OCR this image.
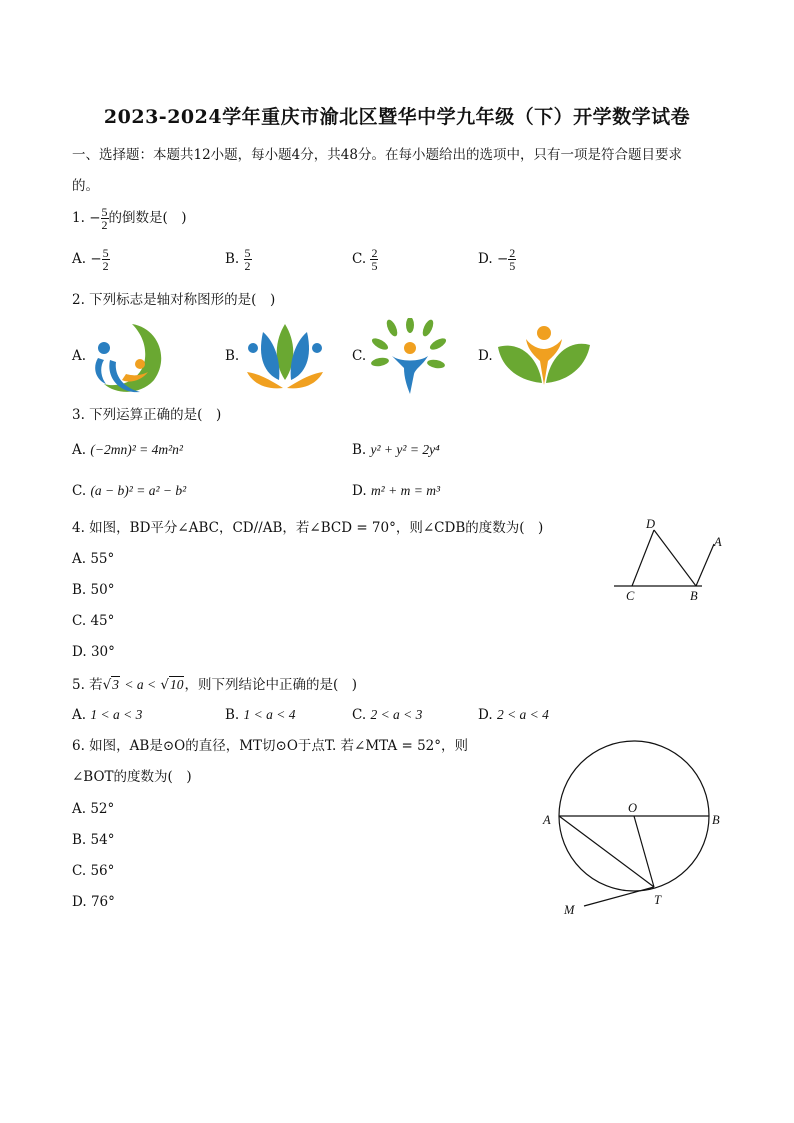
2023-2024学年重庆市渝北区暨华中学九年级（下）开学数学试卷
一、选择题：本题共12小题，每小题4分，共48分。在每小题给出的选项中，只有一项是符合题目要求
的。
1. − $\frac{5}{2}$ 的倒数是(　)
A. − $\frac{5}{2}$	B. $\frac{5}{2}$	C. $\frac{2}{5}$	D. − $\frac{2}{5}$
2. 下列标志是轴对称图形的是(　)
A.	B.	C.	D.
3. 下列运算正确的是(　)
A. (−2mn)² = 4m²n²	B. y² + y² = 2y⁴
C. (a − b)² = a² − b²	D. m² + m = m³
4. 如图，BD平分∠ABC，CD//AB，若∠BCD = 70°，则∠CDB的度数为(　)
A. 55°
B. 50°
C. 45°
D. 30°
D
A
C	B
5. 若√3 < a < √10，则下列结论中正确的是(　)
A. 1 < a < 3	B. 1 < a < 4	C. 2 < a < 3	D. 2 < a < 4
6. 如图，AB是⊙O的直径，MT切⊙O于点T. 若∠MTA = 52°，则
∠BOT的度数为(　)
A. 52°
B. 54°
C. 56°
D. 76°
O
A	B
T
M
